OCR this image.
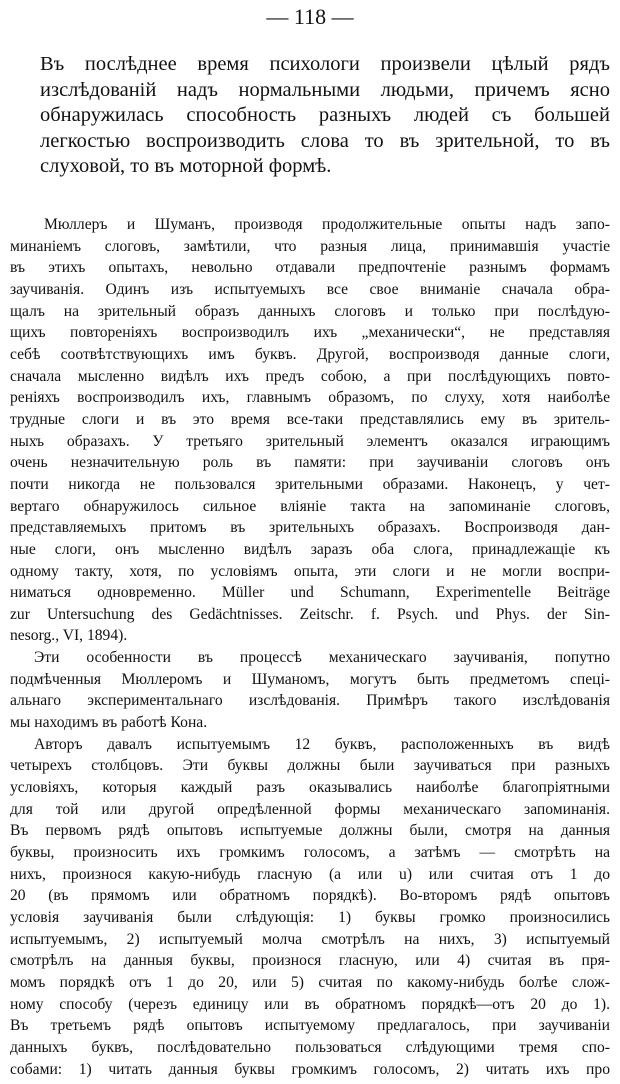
— 118 —
Въ послѣднее время психологи произвели цѣлый рядъ
изслѣдованій надъ нормальными людьми, причемъ ясно
обнаружилась способность разныхъ людей съ большей
легкостью воспроизводить слова то въ зрительной, то въ
слуховой, то въ моторной формѣ.
Мюллеръ и Шуманъ, производя продолжительные опыты надъ запо-
минаніемъ слоговъ, замѣтили, что разныя лица, принимавшія участіе
въ этихъ опытахъ, невольно отдавали предпочтеніе разнымъ формамъ
заучиванія. Одинъ изъ испытуемыхъ все свое вниманіе сначала обра-
щалъ на зрительный образъ данныхъ слоговъ и только при послѣдую-
щихъ повтореніяхъ воспроизводилъ ихъ „механически“, не представляя
себѣ соотвѣтствующихъ имъ буквъ. Другой, воспроизводя данные слоги,
сначала мысленно видѣлъ ихъ предъ собою, а при послѣдующихъ повто-
реніяхъ воспроизводилъ ихъ, главнымъ образомъ, по слуху, хотя наиболѣе
трудные слоги и въ это время все-таки представлялись ему въ зритель-
ныхъ образахъ. У третьяго зрительный элементъ оказался играющимъ
очень незначительную роль въ памяти: при заучиваніи слоговъ онъ
почти никогда не пользовался зрительными образами. Наконецъ, у чет-
вертаго обнаружилось сильное вліяніе такта на запоминаніе слоговъ,
представляемыхъ притомъ въ зрительныхъ образахъ. Воспроизводя дан-
ные слоги, онъ мысленно видѣлъ заразъ оба слога, принадлежащіе къ
одному такту, хотя, по условіямъ опыта, эти слоги и не могли воспри-
ниматься одновременно. Müller und Schumann, Experimentelle Beiträge
zur Untersuchung des Gedächtnisses. Zeitschr. f. Psych. und Phys. der Sin-
nesorg., VI, 1894).
Эти особенности въ процессѣ механическаго заучиванія, попутно
подмѣченныя Мюллеромъ и Шуманомъ, могутъ быть предметомъ спеці-
альнаго экспериментальнаго изслѣдованія. Примѣръ такого изслѣдованія
мы находимъ въ работѣ Кона.
Авторъ давалъ испытуемымъ 12 буквъ, расположенныхъ въ видѣ
четырехъ столбцовъ. Эти буквы должны были заучиваться при разныхъ
условіяхъ, которыя каждый разъ оказывались наиболѣе благопріятными
для той или другой опредѣленной формы механическаго запоминанія.
Въ первомъ рядѣ опытовъ испытуемые должны были, смотря на данныя
буквы, произносить ихъ громкимъ голосомъ, а затѣмъ — смотрѣть на
нихъ, произнося какую-нибудь гласную (a или u) или считая отъ 1 до
20 (въ прямомъ или обратномъ порядкѣ). Во-второмъ рядѣ опытовъ
условія заучиванія были слѣдующія: 1) буквы громко произносились
испытуемымъ, 2) испытуемый молча смотрѣлъ на нихъ, 3) испытуемый
смотрѣлъ на данныя буквы, произнося гласную, или 4) считая въ пря-
момъ порядкѣ отъ 1 до 20, или 5) считая по какому-нибудь болѣе слож-
ному способу (черезъ единицу или въ обратномъ порядкѣ—отъ 20 до 1).
Въ третьемъ рядѣ опытовъ испытуемому предлагалось, при заучиваніи
данныхъ буквъ, послѣдовательно пользоваться слѣдующими тремя спо-
собами: 1) читать данныя буквы громкимъ голосомъ, 2) читать ихъ про
